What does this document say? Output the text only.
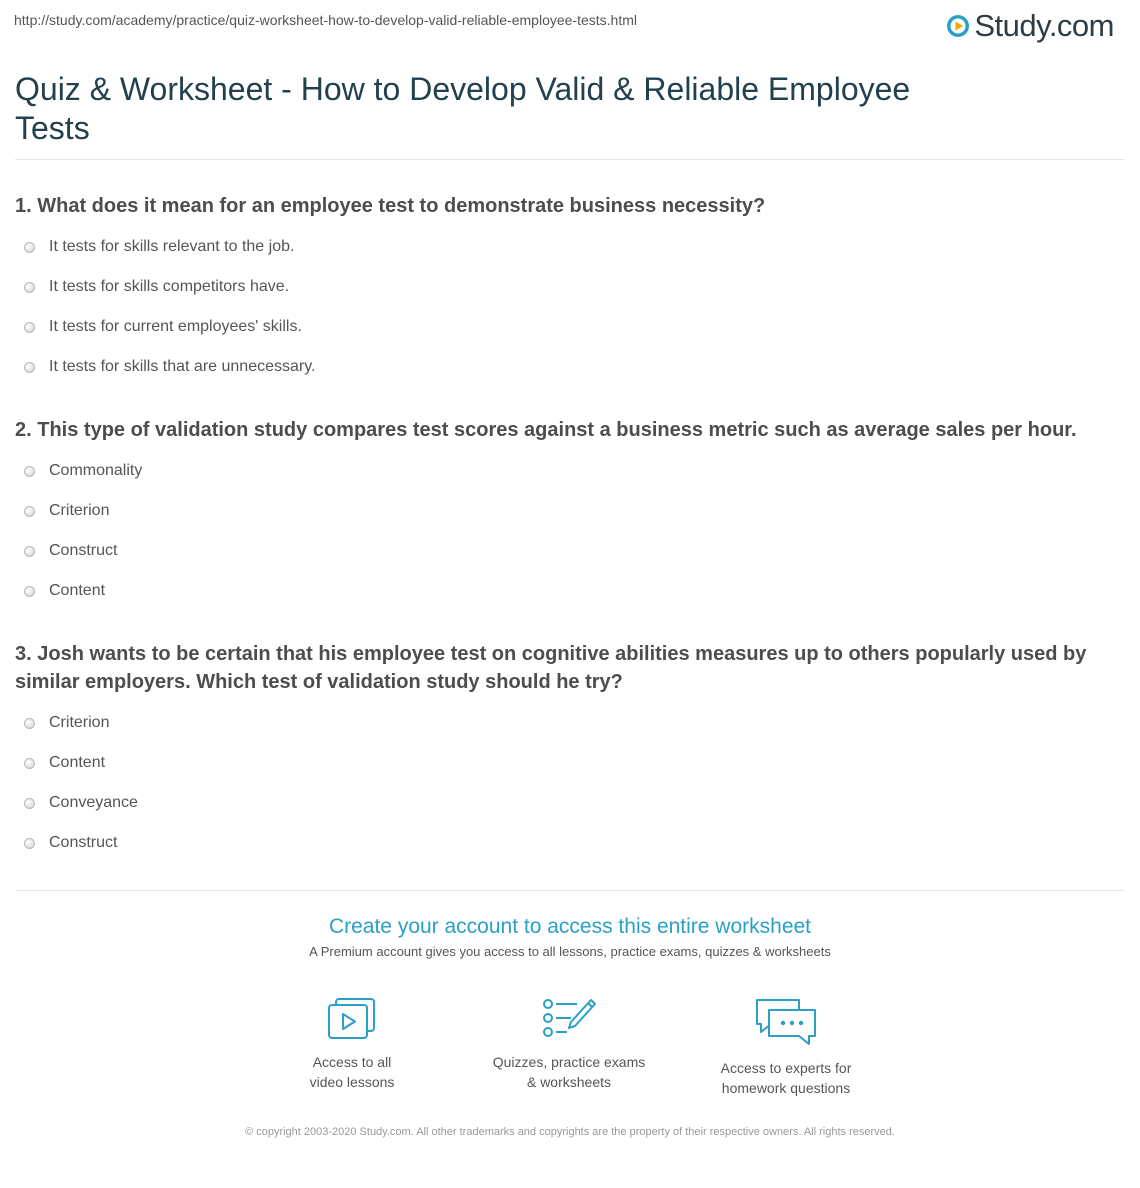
http://study.com/academy/practice/quiz-worksheet-how-to-develop-valid-reliable-employee-tests.html	Study.com
Quiz & Worksheet - How to Develop Valid & Reliable Employee Tests

1. What does it mean for an employee test to demonstrate business necessity?

It tests for skills relevant to the job.
It tests for skills competitors have.
It tests for current employees' skills.
It tests for skills that are unnecessary.

2. This type of validation study compares test scores against a business metric such as average sales per hour.

Commonality
Criterion
Construct
Content

3. Josh wants to be certain that his employee test on cognitive abilities measures up to others popularly used by similar employers. Which test of validation study should he try?

Criterion
Content
Conveyance
Construct

Create your account to access this entire worksheet

A Premium account gives you access to all lessons, practice exams, quizzes & worksheets
Access to all
video lessons
Quizzes, practice exams
& worksheets
Access to experts for
homework questions
© copyright 2003-2020 Study.com. All other trademarks and copyrights are the property of their respective owners. All rights reserved.
